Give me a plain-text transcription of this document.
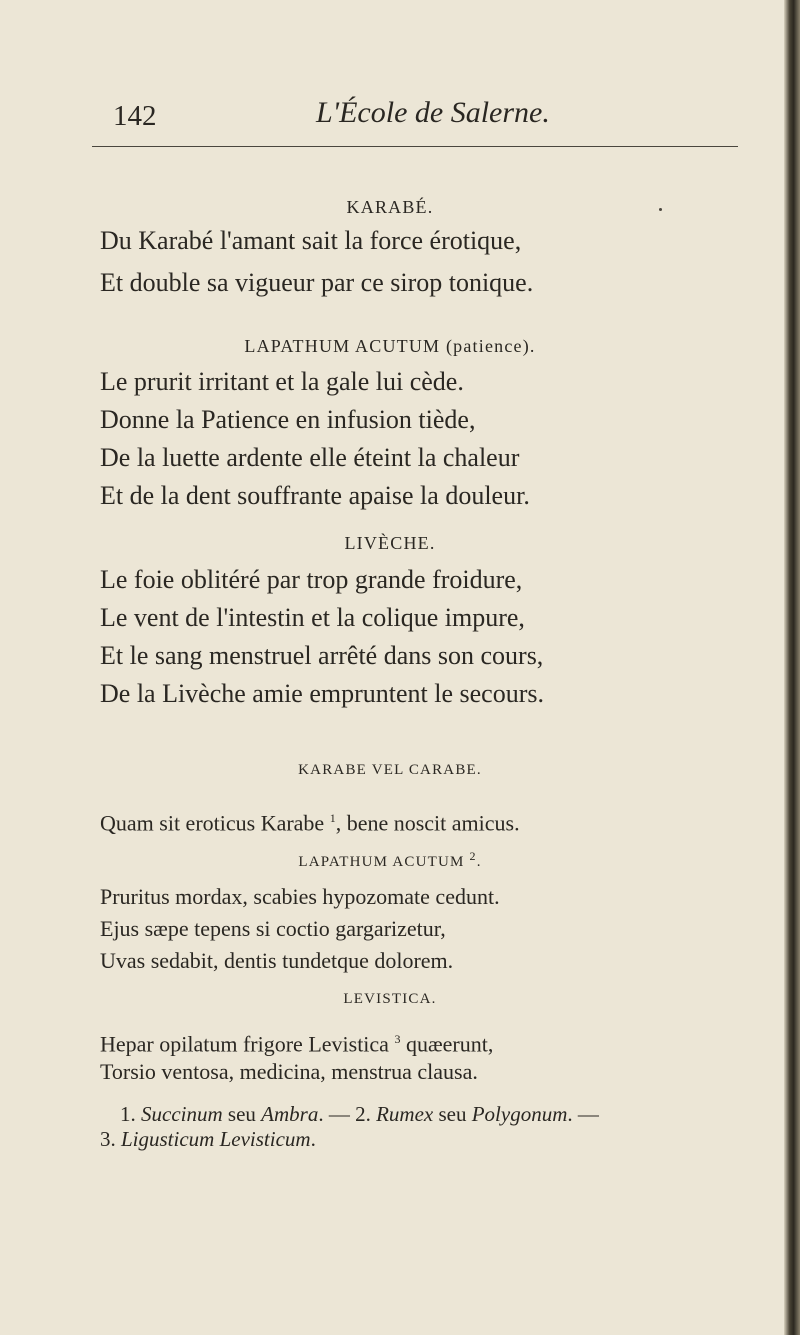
142	L'École de Salerne.
KARABÉ.
Du Karabé l'amant sait la force érotique,
Et double sa vigueur par ce sirop tonique.
LAPATHUM ACUTUM (patience).
Le prurit irritant et la gale lui cède.
Donne la Patience en infusion tiède,
De la luette ardente elle éteint la chaleur
Et de la dent souffrante apaise la douleur.
LIVÈCHE.
Le foie oblitéré par trop grande froidure,
Le vent de l'intestin et la colique impure,
Et le sang menstruel arrêté dans son cours,
De la Livèche amie empruntent le secours.
KARABE VEL CARABE.
Quam sit eroticus Karabe $^1$, bene noscit amicus.
LAPATHUM ACUTUM $^2$.
Pruritus mordax, scabies hypozomate cedunt.
Ejus sæpe tepens si coctio gargarizetur,
Uvas sedabit, dentis tundetque dolorem.
LEVISTICA.
Hepar opilatum frigore Levistica $^3$ quæerunt,
Torsio ventosa, medicina, menstrua clausa.
1. Succinum seu Ambra. — 2. Rumex seu Polygonum. —
3. Ligusticum Levisticum.
